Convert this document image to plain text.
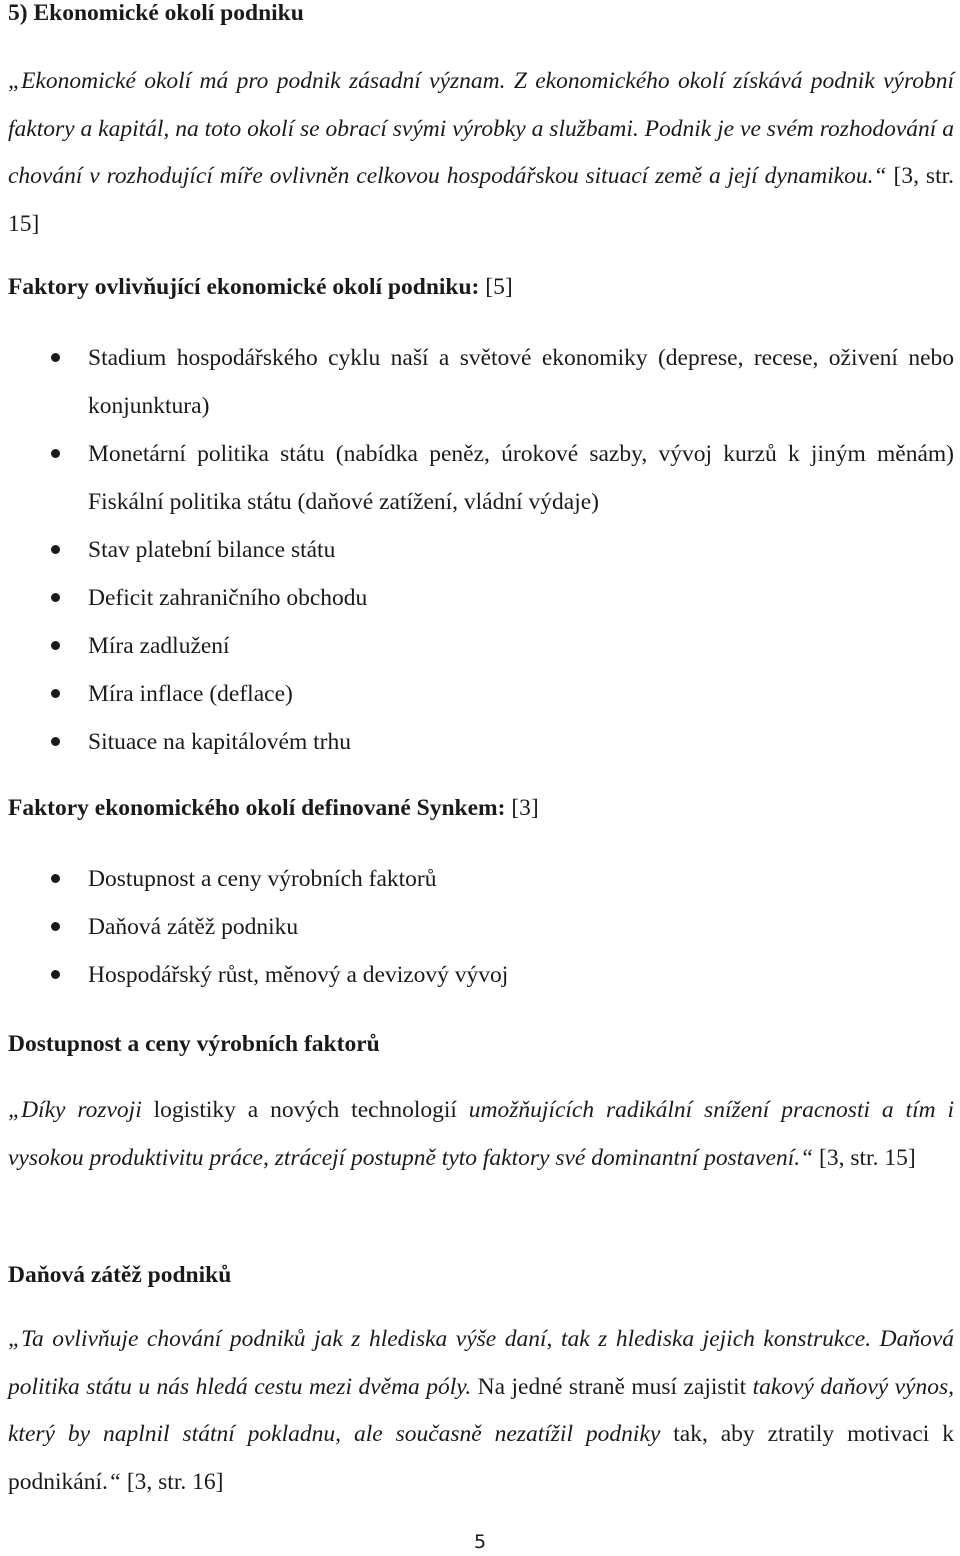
5) Ekonomické okolí podniku

„Ekonomické okolí má pro podnik zásadní význam. Z ekonomického okolí získává podnik výrobní faktory a kapitál, na toto okolí se obrací svými výrobky a službami. Podnik je ve svém rozhodování a chování v rozhodující míře ovlivněn celkovou hospodářskou situací země a její dynamikou.“ [3, str. 15]

Faktory ovlivňující ekonomické okolí podniku: [5]
Stadium hospodářského cyklu naší a světové ekonomiky (deprese, recese, oživení nebo konjunktura)
Monetární politika státu (nabídka peněz, úrokové sazby, vývoj kurzů k jiným měnám) Fiskální politika státu (daňové zatížení, vládní výdaje)
Stav platební bilance státu
Deficit zahraničního obchodu
Míra zadlužení
Míra inflace (deflace)
Situace na kapitálovém trhu
Faktory ekonomického okolí definované Synkem: [3]
Dostupnost a ceny výrobních faktorů
Daňová zátěž podniku
Hospodářský růst, měnový a devizový vývoj
Dostupnost a ceny výrobních faktorů

„Díky rozvoji logistiky a nových technologií umožňujících radikální snížení pracnosti a tím i vysokou produktivitu práce, ztrácejí postupně tyto faktory své dominantní postavení.“ [3, str. 15]

Daňová zátěž podniků

„Ta ovlivňuje chování podniků jak z hlediska výše daní, tak z hlediska jejich konstrukce. Daňová politika státu u nás hledá cestu mezi dvěma póly. Na jedné straně musí zajistit takový daňový výnos, který by naplnil státní pokladnu, ale současně nezatížil podniky tak, aby ztratily motivaci k podnikání.“ [3, str. 16]

5
